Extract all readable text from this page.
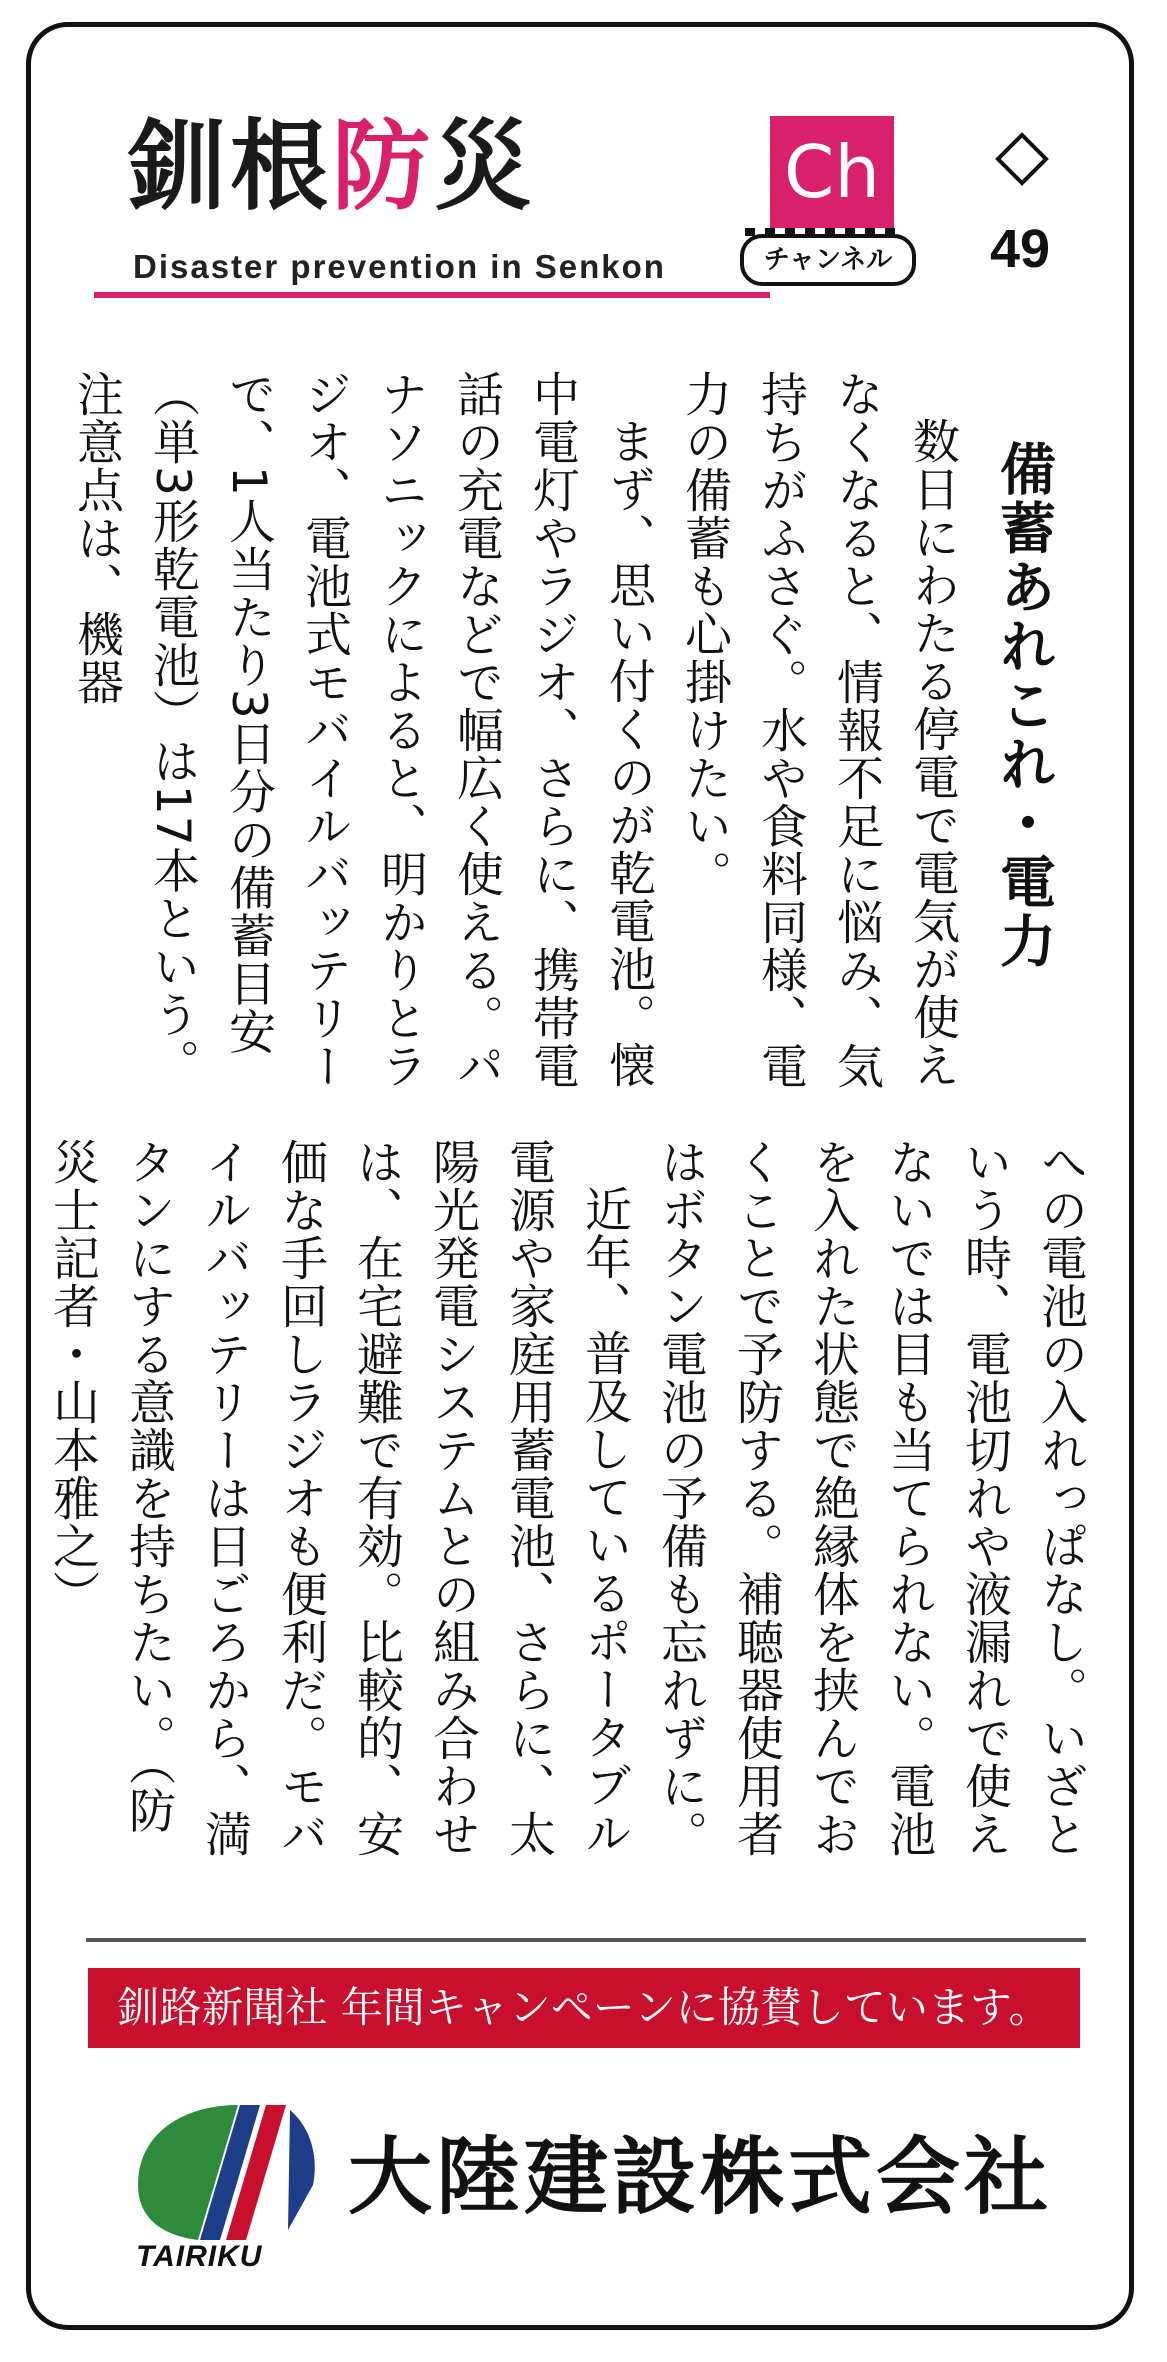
釧根防災	Ch
チャンネル
Disaster prevention in Senkon	49
備蓄あれこれ・電力

数日にわたる停電で電気が使えなくなると、情報不足に悩み、気持ちがふさぐ。水や食料同様、電力の備蓄も心掛けたい。

まず、思い付くのが乾電池。懐中電灯やラジオ、さらに、携帯電話の充電などで幅広く使える。パナソニックによると、明かりとラジオ、電池式モバイルバッテリーで、1人当たり3日分の備蓄目安（単3形乾電池）は17本という。注意点は、機器

への電池の入れっぱなし。いざという時、電池切れや液漏れで使えないでは目も当てられない。電池を入れた状態で絶縁体を挟んでおくことで予防する。補聴器使用者はボタン電池の予備も忘れずに。

近年、普及しているポータブル電源や家庭用蓄電池、さらに、太陽光発電システムとの組み合わせは、在宅避難で有効。比較的、安価な手回しラジオも便利だ。モバイルバッテリーは日ごろから、満タンにする意識を持ちたい。（防災士記者・山本雅之）

釧路新聞社 年間キャンペーンに協賛しています。
TAIRIKU
大陸建設株式会社
